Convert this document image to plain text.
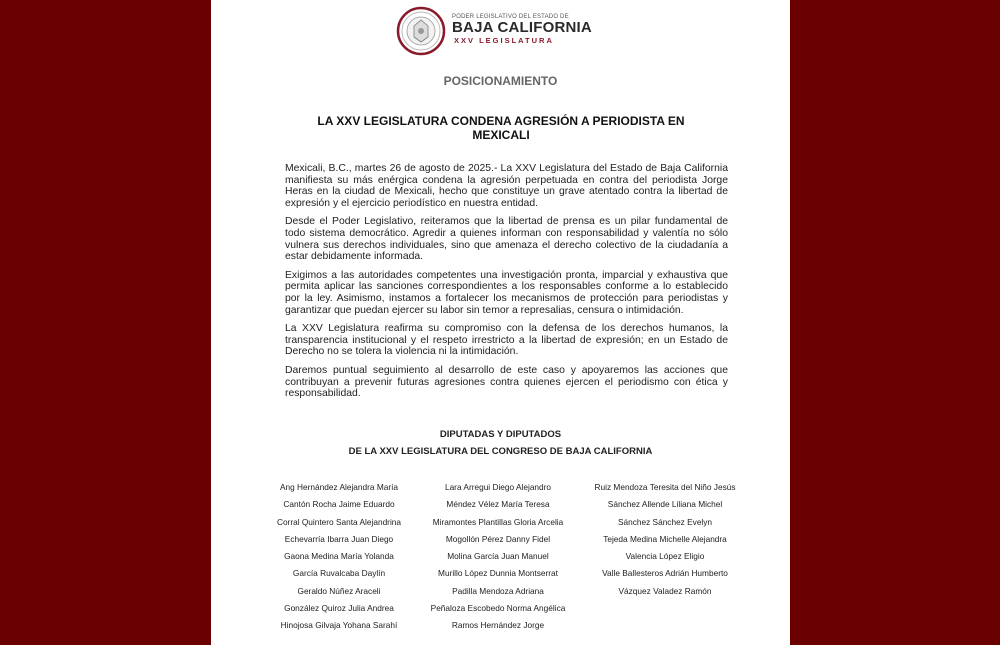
PODER LEGISLATIVO DEL ESTADO DE
BAJA CALIFORNIA
XXV LEGISLATURA
POSICIONAMIENTO
LA XXV LEGISLATURA CONDENA AGRESIÓN A PERIODISTA EN MEXICALI

Mexicali, B.C., martes 26 de agosto de 2025.- La XXV Legislatura del Estado de Baja California manifiesta su más enérgica condena la agresión perpetuada en contra del periodista Jorge Heras en la ciudad de Mexicali, hecho que constituye un grave atentado contra la libertad de expresión y el ejercicio periodístico en nuestra entidad.

Desde el Poder Legislativo, reiteramos que la libertad de prensa es un pilar fundamental de todo sistema democrático. Agredir a quienes informan con responsabilidad y valentía no sólo vulnera sus derechos individuales, sino que amenaza el derecho colectivo de la ciudadanía a estar debidamente informada.

Exigimos a las autoridades competentes una investigación pronta, imparcial y exhaustiva que permita aplicar las sanciones correspondientes a los responsables conforme a lo establecido por la ley. Asimismo, instamos a fortalecer los mecanismos de protección para periodistas y garantizar que puedan ejercer su labor sin temor a represalias, censura o intimidación.

La XXV Legislatura reafirma su compromiso con la defensa de los derechos humanos, la transparencia institucional y el respeto irrestricto a la libertad de expresión; en un Estado de Derecho no se tolera la violencia ni la intimidación.

Daremos puntual seguimiento al desarrollo de este caso y apoyaremos las acciones que contribuyan a prevenir futuras agresiones contra quienes ejercen el periodismo con ética y responsabilidad.

DIPUTADAS Y DIPUTADOS
DE LA XXV LEGISLATURA DEL CONGRESO DE BAJA CALIFORNIA
Ang Hernández Alejandra María
Cantón Rocha Jaime Eduardo
Corral Quintero Santa Alejandrina
Echevarría Ibarra Juan Diego
Gaona Medina María Yolanda
García Ruvalcaba Daylín
Geraldo Núñez Araceli
González Quiroz Julia Andrea
Hinojosa Gilvaja Yohana Sarahí
Lara Arregui Diego Alejandro
Méndez Vélez María Teresa
Miramontes Plantillas Gloria Arcelia
Mogollón Pérez Danny Fidel
Molina García Juan Manuel
Murillo López Dunnia Montserrat
Padilla Mendoza Adriana
Peñaloza Escobedo Norma Angélica
Ramos Hernández Jorge
Ruiz Mendoza Teresita del Niño Jesús
Sánchez Allende Liliana Michel
Sánchez Sánchez Evelyn
Tejeda Medina Michelle Alejandra
Valencia López Eligio
Valle Ballesteros Adrián Humberto
Vázquez Valadez Ramón
